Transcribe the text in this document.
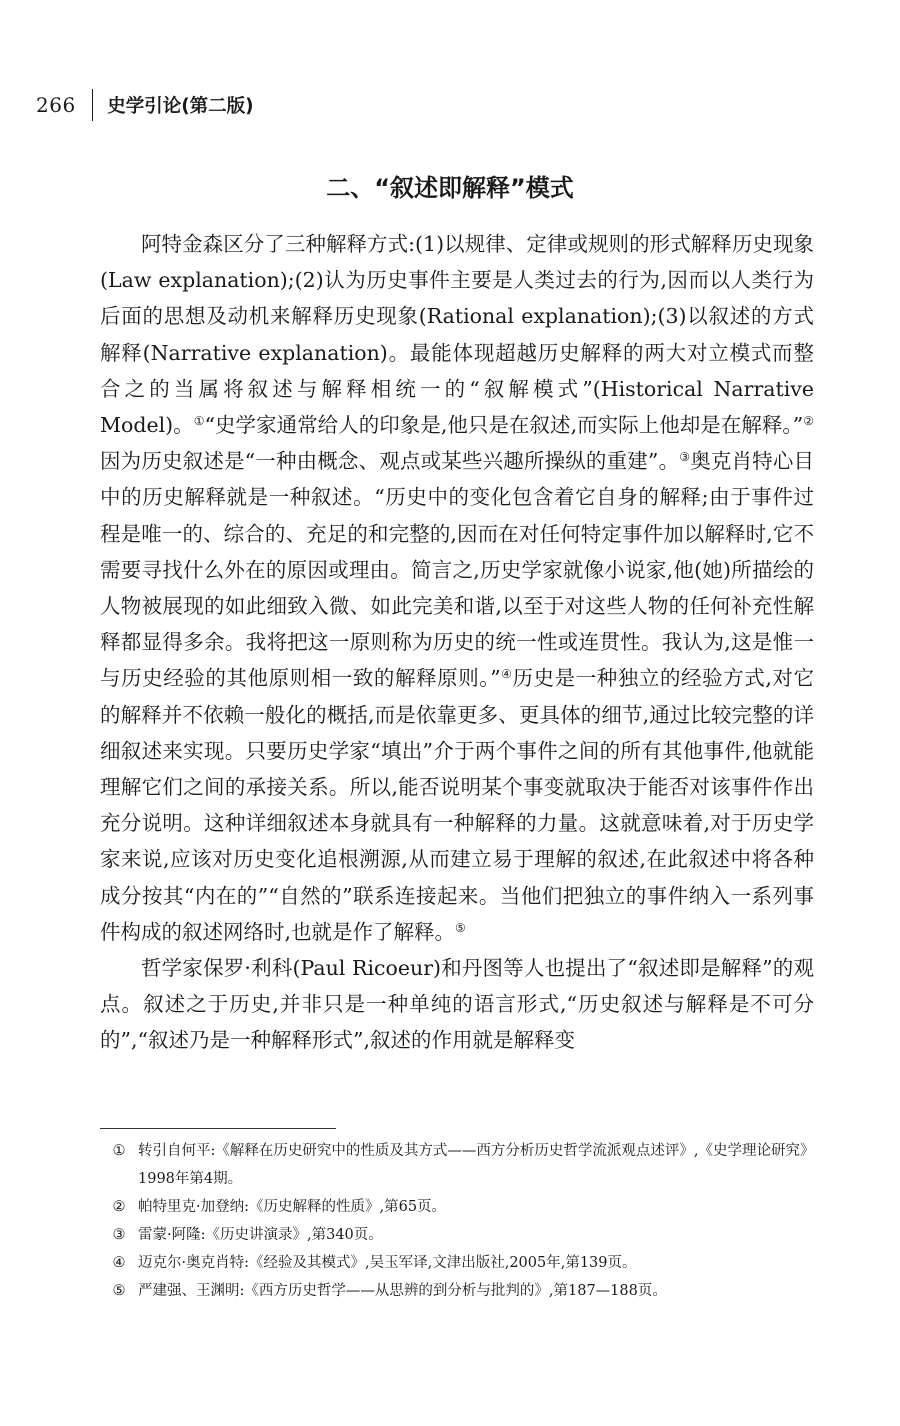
266 史学引论(第二版)
二、“叙述即解释”模式

阿特金森区分了三种解释方式:(1)以规律、定律或规则的形式解释历史现象(Law explanation);(2)认为历史事件主要是人类过去的行为,因而以人类行为后面的思想及动机来解释历史现象(Rational explanation);(3)以叙述的方式解释(Narrative explanation)。最能体现超越历史解释的两大对立模式而整合之的当属将叙述与解释相统一的“叙解模式”(Historical Narrative Model)。①“史学家通常给人的印象是,他只是在叙述,而实际上他却是在解释。”②因为历史叙述是“一种由概念、观点或某些兴趣所操纵的重建”。③奥克肖特心目中的历史解释就是一种叙述。“历史中的变化包含着它自身的解释;由于事件过程是唯一的、综合的、充足的和完整的,因而在对任何特定事件加以解释时,它不需要寻找什么外在的原因或理由。简言之,历史学家就像小说家,他(她)所描绘的人物被展现的如此细致入微、如此完美和谐,以至于对这些人物的任何补充性解释都显得多余。我将把这一原则称为历史的统一性或连贯性。我认为,这是惟一与历史经验的其他原则相一致的解释原则。”④历史是一种独立的经验方式,对它的解释并不依赖一般化的概括,而是依靠更多、更具体的细节,通过比较完整的详细叙述来实现。只要历史学家“填出”介于两个事件之间的所有其他事件,他就能理解它们之间的承接关系。所以,能否说明某个事变就取决于能否对该事件作出充分说明。这种详细叙述本身就具有一种解释的力量。这就意味着,对于历史学家来说,应该对历史变化追根溯源,从而建立易于理解的叙述,在此叙述中将各种成分按其“内在的”“自然的”联系连接起来。当他们把独立的事件纳入一系列事件构成的叙述网络时,也就是作了解释。⑤

哲学家保罗·利科(Paul Ricoeur)和丹图等人也提出了“叙述即是解释”的观点。叙述之于历史,并非只是一种单纯的语言形式,“历史叙述与解释是不可分的”,“叙述乃是一种解释形式”,叙述的作用就是解释变

① 转引自何平:《解释在历史研究中的性质及其方式——西方分析历史哲学流派观点述评》,《史学理论研究》1998年第4期。
② 帕特里克·加登纳:《历史解释的性质》,第65页。
③ 雷蒙·阿隆:《历史讲演录》,第340页。
④ 迈克尔·奥克肖特:《经验及其模式》,吴玉军译,文津出版社,2005年,第139页。
⑤ 严建强、王渊明:《西方历史哲学——从思辨的到分析与批判的》,第187—188页。
